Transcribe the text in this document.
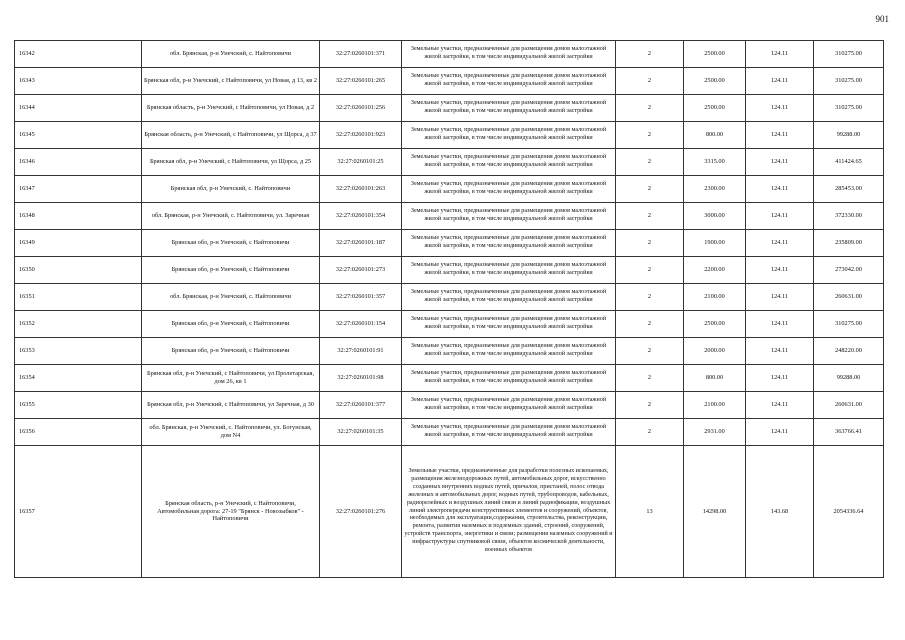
901
16342	обл. Брянская, р-н Унечский, с. Найтоповичи	32:27:0260101:371	Земельные участки, предназначенные для размещения домов малоэтажной жилой застройки, в том числе индивидуальной жилой застройки	2	2500.00	124.11	310275.00
16343	Брянская обл, р-н Унечский, с Найтоповичи, ул Новая, д 13, кв 2	32:27:0260101:265	Земельные участки, предназначенные для размещения домов малоэтажной жилой застройки, в том числе индивидуальной жилой застройки	2	2500.00	124.11	310275.00
16344	Брянская область, р-н Унечский, с Найтоповичи, ул Новая, д 2	32:27:0260101:256	Земельные участки, предназначенные для размещения домов малоэтажной жилой застройки, в том числе индивидуальной жилой застройки	2	2500.00	124.11	310275.00
16345	Брянская область, р-н Унечский, с Найтоповичи, ул Щорса, д 37	32:27:0260101:923	Земельные участки, предназначенные для размещения домов малоэтажной жилой застройки, в том числе индивидуальной жилой застройки	2	800.00	124.11	99288.00
16346	Брянская обл, р-н Унечский, с Найтоповичи, ул Щорса, д 25	32:27:0260101:25	Земельные участки, предназначенные для размещения домов малоэтажной жилой застройки, в том числе индивидуальной жилой застройки	2	3315.00	124.11	411424.65
16347	Брянская обл, р-н Унечский, с. Найтоповичи	32:27:0260101:263	Земельные участки, предназначенные для размещения домов малоэтажной жилой застройки, в том числе индивидуальной жилой застройки	2	2300.00	124.11	285453.00
16348	обл. Брянская, р-н Унечский, с. Найтоповичи, ул. Заречная	32:27:0260101:354	Земельные участки, предназначенные для размещения домов малоэтажной жилой застройки, в том числе индивидуальной жилой застройки	2	3000.00	124.11	372330.00
16349	Брянская обл, р-н Унечский, с Найтоповичи	32:27:0260101:187	Земельные участки, предназначенные для размещения домов малоэтажной жилой застройки, в том числе индивидуальной жилой застройки	2	1900.00	124.11	235809.00
16350	Брянская обл, р-н Унечский, с Найтоповичи	32:27:0260101:273	Земельные участки, предназначенные для размещения домов малоэтажной жилой застройки, в том числе индивидуальной жилой застройки	2	2200.00	124.11	273042.00
16351	обл. Брянская, р-н Унечский, с. Найтоповичи	32:27:0260101:357	Земельные участки, предназначенные для размещения домов малоэтажной жилой застройки, в том числе индивидуальной жилой застройки	2	2100.00	124.11	260631.00
16352	Брянская обл, р-н Унечский, с Найтоповичи	32:27:0260101:154	Земельные участки, предназначенные для размещения домов малоэтажной жилой застройки, в том числе индивидуальной жилой застройки	2	2500.00	124.11	310275.00
16353	Брянская обл, р-н Унечский, с Найтоповичи	32:27:0260101:91	Земельные участки, предназначенные для размещения домов малоэтажной жилой застройки, в том числе индивидуальной жилой застройки	2	2000.00	124.11	248220.00
16354	Брянская обл, р-н Унечский, с Найтоповичи, ул Пролетарская, дом 26, кв 1	32:27:0260101:98	Земельные участки, предназначенные для размещения домов малоэтажной жилой застройки, в том числе индивидуальной жилой застройки	2	800.00	124.11	99288.00
16355	Брянская обл, р-н Унечский, с Найтоповичи, ул Заречная, д 30	32:27:0260101:377	Земельные участки, предназначенные для размещения домов малоэтажной жилой застройки, в том числе индивидуальной жилой застройки	2	2100.00	124.11	260631.00
16356	обл. Брянская, р-н Унечский, с. Найтоповичи, ул. Богунская, дом N4	32:27:0260101:35	Земельные участки, предназначенные для размещения домов малоэтажной жилой застройки, в том числе индивидуальной жилой застройки	2	2931.00	124.11	363766.41
16357	Брянская область, р-н Унечский, с Найтоповичи, Автомобильная дорога: 27-19 "Брянск - Новозыбков" - Найтоповичи	32:27:0260101:276	Земельные участки, предназначенные для разработки полезных ископаемых, размещения железнодорожных путей, автомобильных дорог, искусственно созданных внутренних водных путей, причалов, пристаней, полос отвода железных и автомобильных дорог, водных путей, трубопроводов, кабельных, радиорелейных и воздушных линий связи и линий радиофикации, воздушных линий электропередачи конструктивных элементов и сооружений, объектов, необходимых для эксплуатации,содержания, строительства, реконструкции, ремонта, развития наземных и подземных зданий, строений, сооружений, устройств транспорта, энергетики и связи; размещения наземных сооружений и инфраструктуры спутниковой связи, объектов космической деятельности, военных объектов	13	14298.00	143.68	2054336.64
